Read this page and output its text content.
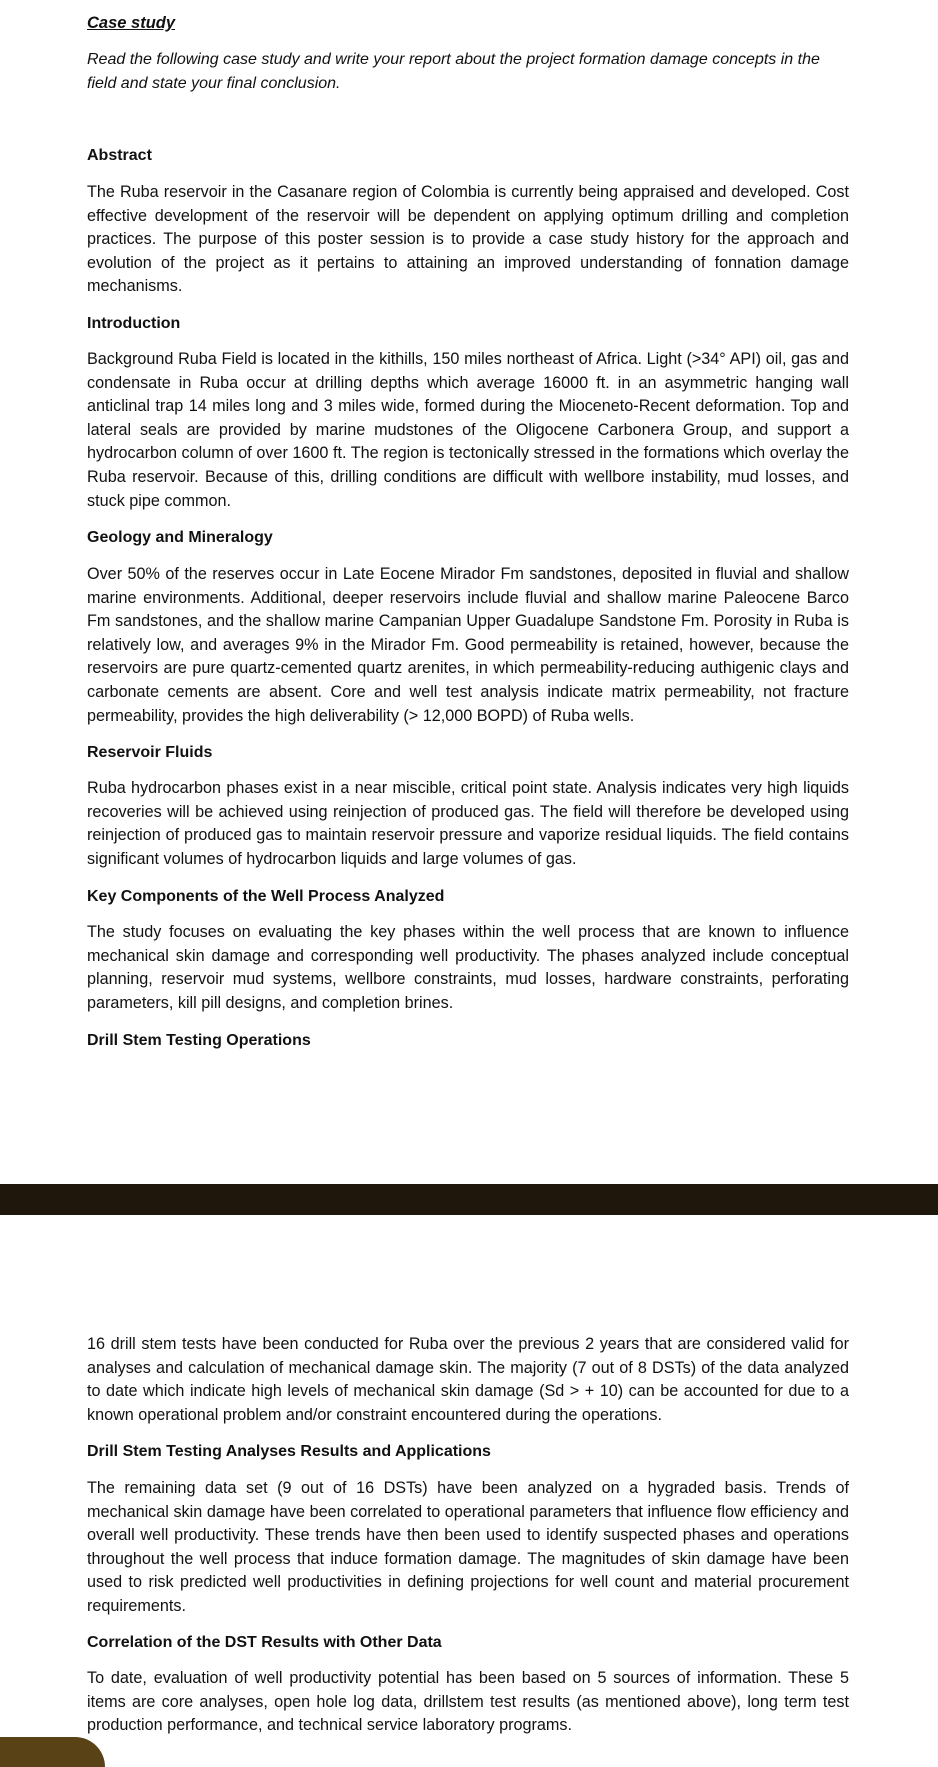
Case study
Read the following case study and write your report about the project formation damage concepts in the field and state your final conclusion.
Abstract
The Ruba reservoir in the Casanare region of Colombia is currently being appraised and developed. Cost effective development of the reservoir will be dependent on applying optimum drilling and completion practices. The purpose of this poster session is to provide a case study history for the approach and evolution of the project as it pertains to attaining an improved understanding of fonnation damage mechanisms.
Introduction
Background Ruba Field is located in the kithills, 150 miles northeast of Africa. Light (>34° API) oil, gas and condensate in Ruba occur at drilling depths which average 16000 ft. in an asymmetric hanging wall anticlinal trap 14 miles long and 3 miles wide, formed during the Mioceneto-Recent deformation. Top and lateral seals are provided by marine mudstones of the Oligocene Carbonera Group, and support a hydrocarbon column of over 1600 ft. The region is tectonically stressed in the formations which overlay the Ruba reservoir. Because of this, drilling conditions are difficult with wellbore instability, mud losses, and stuck pipe common.
Geology and Mineralogy
Over 50% of the reserves occur in Late Eocene Mirador Fm sandstones, deposited in fluvial and shallow marine environments. Additional, deeper reservoirs include fluvial and shallow marine Paleocene Barco Fm sandstones, and the shallow marine Campanian Upper Guadalupe Sandstone Fm. Porosity in Ruba is relatively low, and averages 9% in the Mirador Fm. Good permeability is retained, however, because the reservoirs are pure quartz-cemented quartz arenites, in which permeability-reducing authigenic clays and carbonate cements are absent. Core and well test analysis indicate matrix permeability, not fracture permeability, provides the high deliverability (> 12,000 BOPD) of Ruba wells.
Reservoir Fluids
Ruba hydrocarbon phases exist in a near miscible, critical point state. Analysis indicates very high liquids recoveries will be achieved using reinjection of produced gas. The field will therefore be developed using reinjection of produced gas to maintain reservoir pressure and vaporize residual liquids. The field contains significant volumes of hydrocarbon liquids and large volumes of gas.
Key Components of the Well Process Analyzed
The study focuses on evaluating the key phases within the well process that are known to influence mechanical skin damage and corresponding well productivity. The phases analyzed include conceptual planning, reservoir mud systems, wellbore constraints, mud losses, hardware constraints, perforating parameters, kill pill designs, and completion brines.
Drill Stem Testing Operations
16 drill stem tests have been conducted for Ruba over the previous 2 years that are considered valid for analyses and calculation of mechanical damage skin. The majority (7 out of 8 DSTs) of the data analyzed to date which indicate high levels of mechanical skin damage (Sd > + 10) can be accounted for due to a known operational problem and/or constraint encountered during the operations.
Drill Stem Testing Analyses Results and Applications
The remaining data set (9 out of 16 DSTs) have been analyzed on a hygraded basis. Trends of mechanical skin damage have been correlated to operational parameters that influence flow efficiency and overall well productivity. These trends have then been used to identify suspected phases and operations throughout the well process that induce formation damage. The magnitudes of skin damage have been used to risk predicted well productivities in defining projections for well count and material procurement requirements.
Correlation of the DST Results with Other Data
To date, evaluation of well productivity potential has been based on 5 sources of information. These 5 items are core analyses, open hole log data, drillstem test results (as mentioned above), long term test production performance, and technical service laboratory programs.
